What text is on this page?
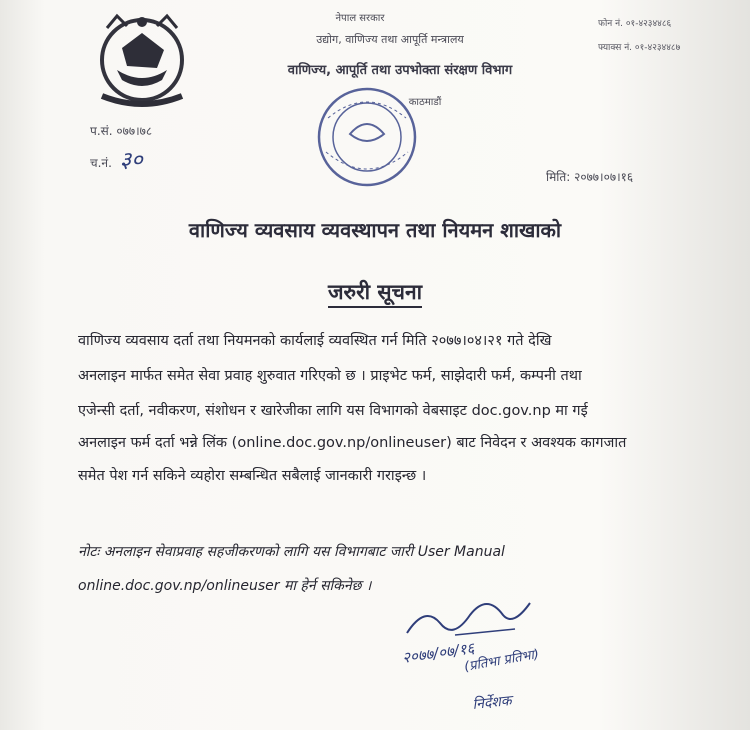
नेपाल सरकार
उद्योग, वाणिज्य तथा आपूर्ति मन्त्रालय
वाणिज्य, आपूर्ति तथा उपभोक्ता संरक्षण विभाग
काठमाडौं
फोन नं. ०१-४२३४४८६
फ्याक्स नं. ०१-४२३४४८७
प.सं. ०७७।७८
च.नं. ३०
मिति: २०७७।०७।१६
वाणिज्य व्यवसाय व्यवस्थापन तथा नियमन शाखाको
जरुरी सूचना
वाणिज्य व्यवसाय दर्ता तथा नियमनको कार्यलाई व्यवस्थित गर्न मिति २०७७।०४।२१ गते देखि
अनलाइन मार्फत समेत सेवा प्रवाह शुरुवात गरिएको छ । प्राइभेट फर्म, साझेदारी फर्म, कम्पनी तथा
एजेन्सी दर्ता, नवीकरण, संशोधन र खारेजीका लागि यस विभागको वेबसाइट doc.gov.np मा गई
अनलाइन फर्म दर्ता भन्ने लिंक (online.doc.gov.np/onlineuser) बाट निवेदन र अवश्यक कागजात
समेत पेश गर्न सकिने व्यहोरा सम्बन्धित सबैलाई जानकारी गराइन्छ ।
नोटः अनलाइन सेवाप्रवाह सहजीकरणको लागि यस विभागबाट जारी User Manual
online.doc.gov.np/onlineuser मा हेर्न सकिनेछ ।
२०७७/०७/१६
(प्रतिभा प्रतिभा)
निर्देशक
